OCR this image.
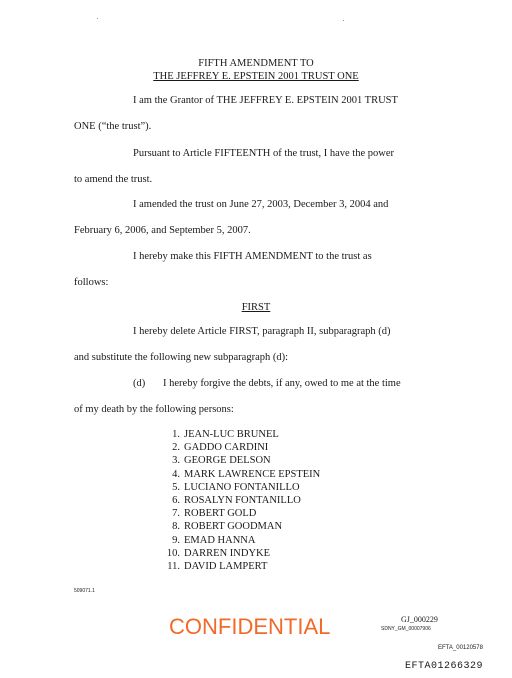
FIFTH AMENDMENT TO
THE JEFFREY E. EPSTEIN 2001 TRUST ONE
I am the Grantor of THE JEFFREY E. EPSTEIN 2001 TRUST
ONE (“the trust”).
Pursuant to Article FIFTEENTH of the trust, I have the power
to amend the trust.
I amended the trust on June 27, 2003, December 3, 2004 and
February 6, 2006, and September 5, 2007.
I hereby make this FIFTH AMENDMENT to the trust as
follows:
FIRST
I hereby delete Article FIRST, paragraph II, subparagraph (d)
and substitute the following new subparagraph (d):
(d) I hereby forgive the debts, if any, owed to me at the time
of my death by the following persons:
1. JEAN-LUC BRUNEL
2. GADDO CARDINI
3. GEORGE DELSON
4. MARK LAWRENCE EPSTEIN
5. LUCIANO FONTANILLO
6. ROSALYN FONTANILLO
7. ROBERT GOLD
8. ROBERT GOODMAN
9. EMAD HANNA
10. DARREN INDYKE
11. DAVID LAMPERT
509071.1
CONFIDENTIAL	GJ_000229
SDNY_GM_00007906
EFTA_00120578
EFTA01266329
